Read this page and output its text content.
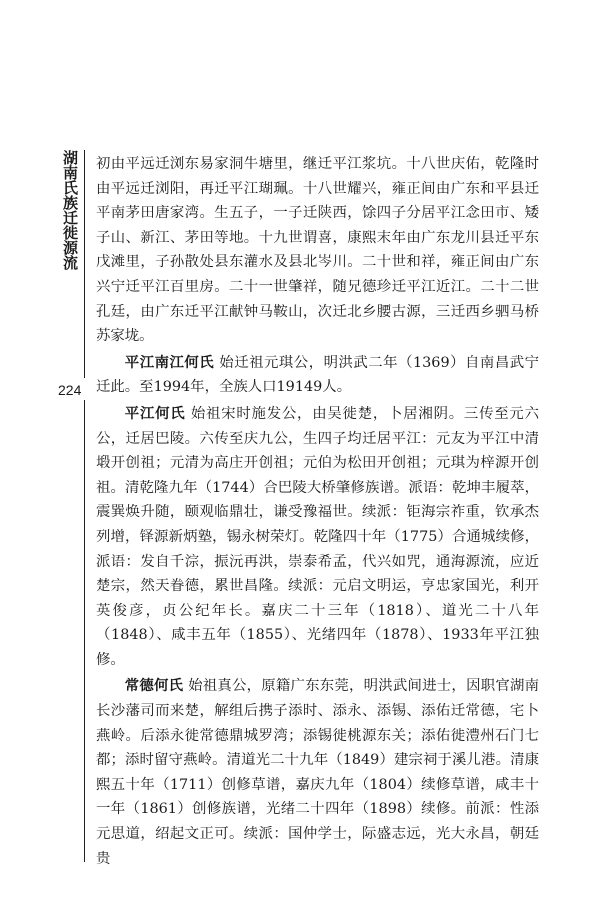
湖南氏族迁徙源流
224

初由平远迁浏东易家洞牛塘里，继迁平江浆坑。十八世庆佑，乾隆时由平远迁浏阳，再迁平江瑚珮。十八世耀兴，雍正间由广东和平县迁平南茅田唐家湾。生五子，一子迁陕西，馀四子分居平江念田市、矮子山、新江、茅田等地。十九世谓喜，康熙末年由广东龙川县迁平东戊滩里，子孙散处县东灌水及县北岑川。二十世和祥，雍正间由广东兴宁迁平江百里房。二十一世肇祥，随兄德珍迁平江近江。二十二世孔廷，由广东迁平江献钟马鞍山，次迁北乡腰古源，三迁西乡驷马桥苏家垅。

平江南江何氏 始迁祖元琪公，明洪武二年（1369）自南昌武宁迁此。至1994年，全族人口19149人。

平江何氏 始祖宋时施发公，由吴徙楚，卜居湘阴。三传至元六公，迁居巴陵。六传至庆九公，生四子均迁居平江：元友为平江中清塅开创祖；元清为高庄开创祖；元伯为松田开创祖；元琪为梓源开创祖。清乾隆九年（1744）合巴陵大桥肇修族谱。派语：乾坤丰履萃，震巽焕升随，颐观临鼎壮，谦受豫福世。续派：钜海宗祚重，钦承杰列增，铎源新炳塾，锡永树荣灯。乾隆四十年（1775）合通城续修，派语：发自千淙，振沅再洪，崇泰希孟，代兴如咒，通海源流，应近楚宗，然天眷德，累世昌隆。续派：元启文明运，亨忠家国光，利开英俊彦，贞公纪年长。嘉庆二十三年（1818）、道光二十八年（1848）、咸丰五年（1855）、光绪四年（1878）、1933年平江独修。

常德何氏 始祖真公，原籍广东东莞，明洪武间进士，因职官湖南长沙藩司而来楚，解组后携子添时、添永、添锡、添佑迁常德，宅卜燕岭。后添永徙常德鼎城罗湾；添锡徙桃源东关；添佑徙澧州石门七都；添时留守燕岭。清道光二十九年（1849）建宗祠于溪儿港。清康熙五十年（1711）创修草谱，嘉庆九年（1804）续修草谱，咸丰十一年（1861）创修族谱，光绪二十四年（1898）续修。前派：性添元思道，绍起文正可。续派：国仲学士，际盛志远，光大永昌，朝廷贵
